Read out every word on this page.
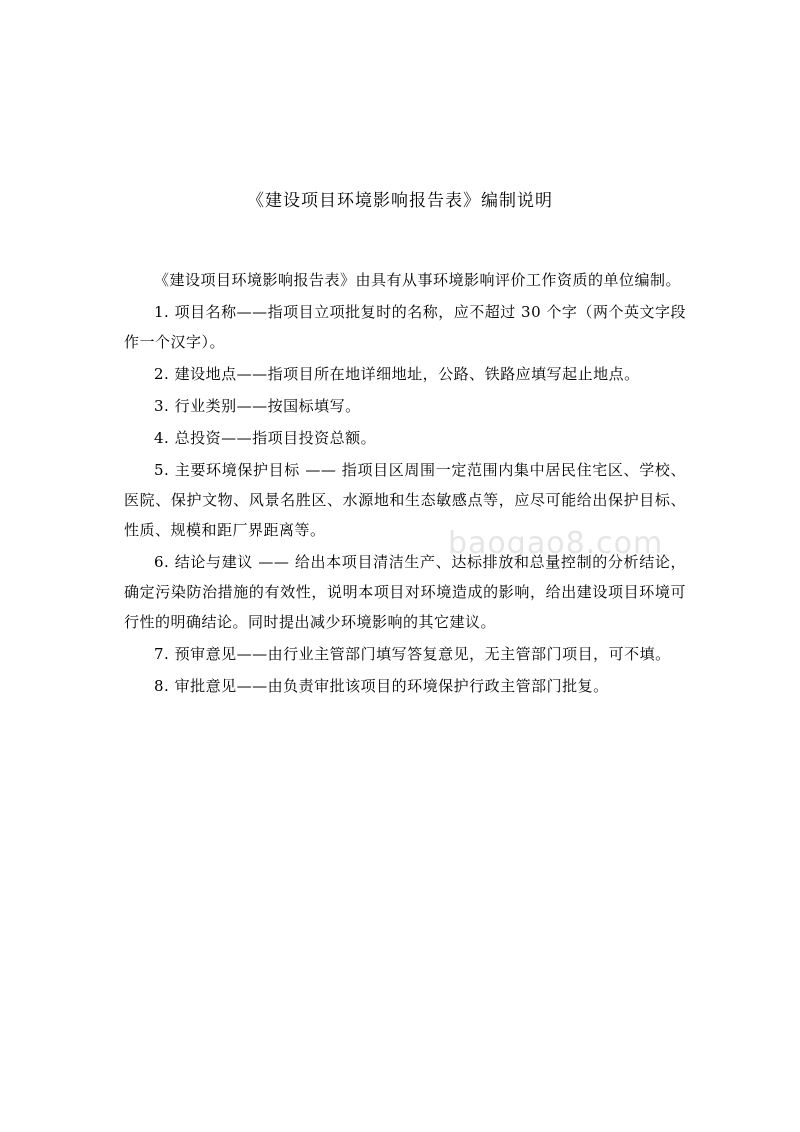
《建设项目环境影响报告表》编制说明

《建设项目环境影响报告表》由具有从事环境影响评价工作资质的单位编制。

1. 项目名称——指项目立项批复时的名称，应不超过 30 个字（两个英文字段作一个汉字）。

2. 建设地点——指项目所在地详细地址，公路、铁路应填写起止地点。

3. 行业类别——按国标填写。

4. 总投资——指项目投资总额。

5. 主要环境保护目标 —— 指项目区周围一定范围内集中居民住宅区、学校、医院、保护文物、风景名胜区、水源地和生态敏感点等，应尽可能给出保护目标、性质、规模和距厂界距离等。

6. 结论与建议 —— 给出本项目清洁生产、达标排放和总量控制的分析结论，确定污染防治措施的有效性，说明本项目对环境造成的影响，给出建设项目环境可行性的明确结论。同时提出减少环境影响的其它建议。

7. 预审意见——由行业主管部门填写答复意见，无主管部门项目，可不填。

8. 审批意见——由负责审批该项目的环境保护行政主管部门批复。

baogao8.com
